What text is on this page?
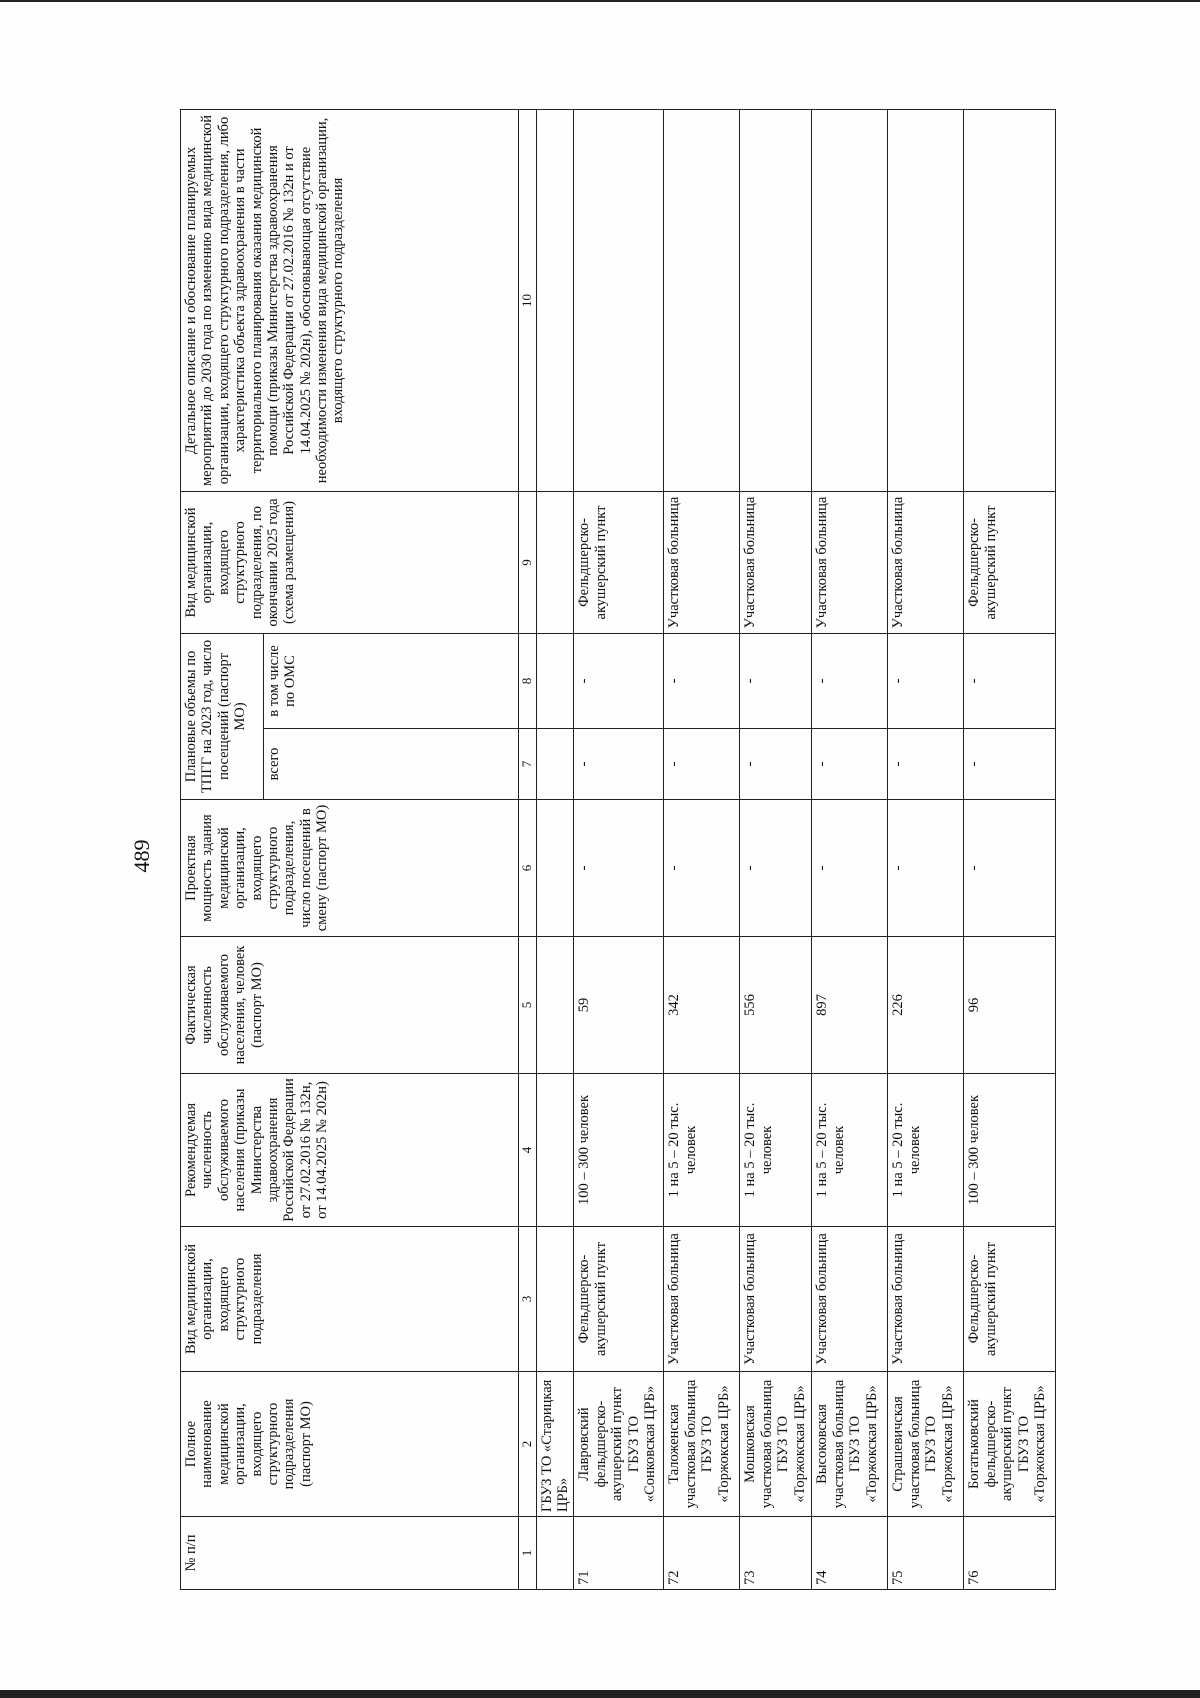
489
№ п/п	Полное наименование медицинской организации, входящего структурного подразделения (паспорт МО)	Вид медицинской организации, входящего структурного подразделения	Рекомендуемая численность обслуживаемого населения (приказы Министерства здравоохранения Российской Федерации от 27.02.2016 № 132н, от 14.04.2025 № 202н)	Фактическая численность обслуживаемого населения, человек (паспорт МО)	Проектная мощность здания медицинской организации, входящего структурного подразделения, число посещений в смену (паспорт МО)	Плановые объемы по ТПГГ на 2023 год, число посещений (паспорт МО)		Вид медицинской организации, входящего структурного подразделения, по окончании 2025 года (схема размещения)	Детальное описание и обоснование планируемых мероприятий до 2030 года по изменению вида медицинской организации, входящего структурного подразделения, либо характеристика объекта здравоохранения в части территориального планирования оказания медицинской помощи (приказы Министерства здравоохранения Российской Федерации от 27.02.2016 № 132н и от 14.04.2025 № 202н), обосновывающая отсутствие необходимости изменения вида медицинской организации, входящего структурного подразделения
						всего	в том числе по ОМС		
1	2	3	4	5	6	7	8	9	10
	ГБУЗ ТО «Старицкая ЦРБ»								
71	Лавровский фельдшерско-акушерский пункт ГБУЗ ТО «Сонковская ЦРБ»	Фельдшерско-акушерский пункт	100 – 300 человек	59	-	-	-	Фельдшерско-акушерский пункт	
72	Таложенская участковая больница ГБУЗ ТО «Торжокская ЦРБ»	Участковая больница	1 на 5 – 20 тыс. человек	342	-	-	-	Участковая больница	
73	Мошковская участковая больница ГБУЗ ТО «Торжокская ЦРБ»	Участковая больница	1 на 5 – 20 тыс. человек	556	-	-	-	Участковая больница	
74	Высоковская участковая больница ГБУЗ ТО «Торжокская ЦРБ»	Участковая больница	1 на 5 – 20 тыс. человек	897	-	-	-	Участковая больница	
75	Страшевичская участковая больница ГБУЗ ТО «Торжокская ЦРБ»	Участковая больница	1 на 5 – 20 тыс. человек	226	-	-	-	Участковая больница	
76	Богатьковский фельдшерско-акушерский пункт ГБУЗ ТО «Торжокская ЦРБ»	Фельдшерско-акушерский пункт	100 – 300 человек	96	-	-	-	Фельдшерско-акушерский пункт	
